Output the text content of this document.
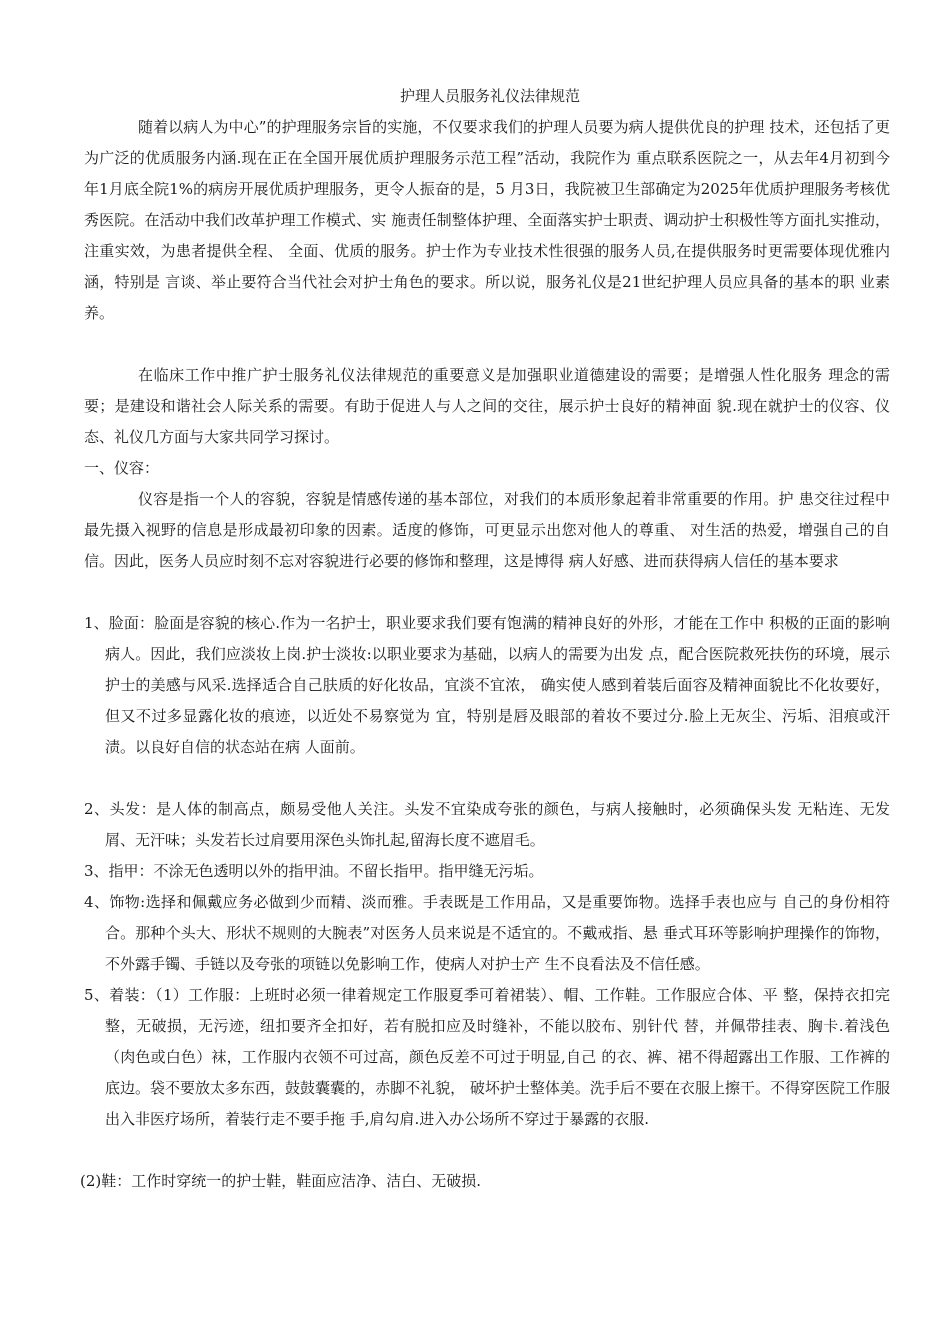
护理人员服务礼仪法律规范
随着以病人为中心”的护理服务宗旨的实施，不仅要求我们的护理人员要为病人提供优良的护理 技术，还包括了更为广泛的优质服务内涵.现在正在全国开展优质护理服务示范工程”活动，我院作为 重点联系医院之一，从去年4月初到今年1月底全院1%的病房开展优质护理服务，更令人振奋的是，5 月3日，我院被卫生部确定为2025年优质护理服务考核优秀医院。在活动中我们改革护理工作模式、实 施责任制整体护理、全面落实护士职责、调动护士积极性等方面扎实推动，注重实效，为患者提供全程、 全面、优质的服务。护士作为专业技术性很强的服务人员,在提供服务时更需要体现优雅内涵，特别是 言谈、举止要符合当代社会对护士角色的要求。所以说，服务礼仪是21世纪护理人员应具备的基本的职 业素养。
在临床工作中推广护士服务礼仪法律规范的重要意义是加强职业道德建设的需要；是增强人性化服务 理念的需要；是建设和谐社会人际关系的需要。有助于促进人与人之间的交往，展示护士良好的精神面 貌.现在就护士的仪容、仪态、礼仪几方面与大家共同学习探讨。
一、仪容：
仪容是指一个人的容貌，容貌是情感传递的基本部位，对我们的本质形象起着非常重要的作用。护 患交往过程中最先摄入视野的信息是形成最初印象的因素。适度的修饰，可更显示出您对他人的尊重、 对生活的热爱，增强自己的自信。因此，医务人员应时刻不忘对容貌进行必要的修饰和整理，这是博得 病人好感、进而获得病人信任的基本要求
1、脸面：脸面是容貌的核心.作为一名护士，职业要求我们要有饱满的精神良好的外形，才能在工作中 积极的正面的影响病人。因此，我们应淡妆上岗.护士淡妆:以职业要求为基础，以病人的需要为出发 点，配合医院救死扶伤的环境，展示护士的美感与风采.选择适合自己肤质的好化妆品，宜淡不宜浓， 确实使人感到着装后面容及精神面貌比不化妆要好，但又不过多显露化妆的痕迹，以近处不易察觉为 宜，特别是唇及眼部的着妆不要过分.脸上无灰尘、污垢、泪痕或汗渍。以良好自信的状态站在病 人面前。
2、头发：是人体的制高点，颇易受他人关注。头发不宜染成夸张的颜色，与病人接触时，必须确保头发 无粘连、无发屑、无汗味；头发若长过肩要用深色头饰扎起,留海长度不遮眉毛。
3、指甲：不涂无色透明以外的指甲油。不留长指甲。指甲缝无污垢。
4、饰物:选择和佩戴应务必做到少而精、淡而雅。手表既是工作用品，又是重要饰物。选择手表也应与 自己的身份相符合。那种个头大、形状不规则的大腕表”对医务人员来说是不适宜的。不戴戒指、悬 垂式耳环等影响护理操作的饰物，不外露手镯、手链以及夸张的项链以免影响工作，使病人对护士产 生不良看法及不信任感。
5、着装：（1）工作服：上班时必须一律着规定工作服夏季可着裙装）、帽、工作鞋。工作服应合体、平 整，保持衣扣完整，无破损，无污迹，纽扣要齐全扣好，若有脱扣应及时缝补，不能以胶布、别针代 替，并佩带挂表、胸卡.着浅色（肉色或白色）袜，工作服内衣领不可过高，颜色反差不可过于明显,自己 的衣、裤、裙不得超露出工作服、工作裤的底边。袋不要放太多东西，鼓鼓囊囊的，赤脚不礼貌， 破坏护士整体美。洗手后不要在衣服上擦干。不得穿医院工作服出入非医疗场所，着装行走不要手拖 手,肩勾肩.进入办公场所不穿过于暴露的衣服.
(2)鞋：工作时穿统一的护士鞋，鞋面应洁净、洁白、无破损.
